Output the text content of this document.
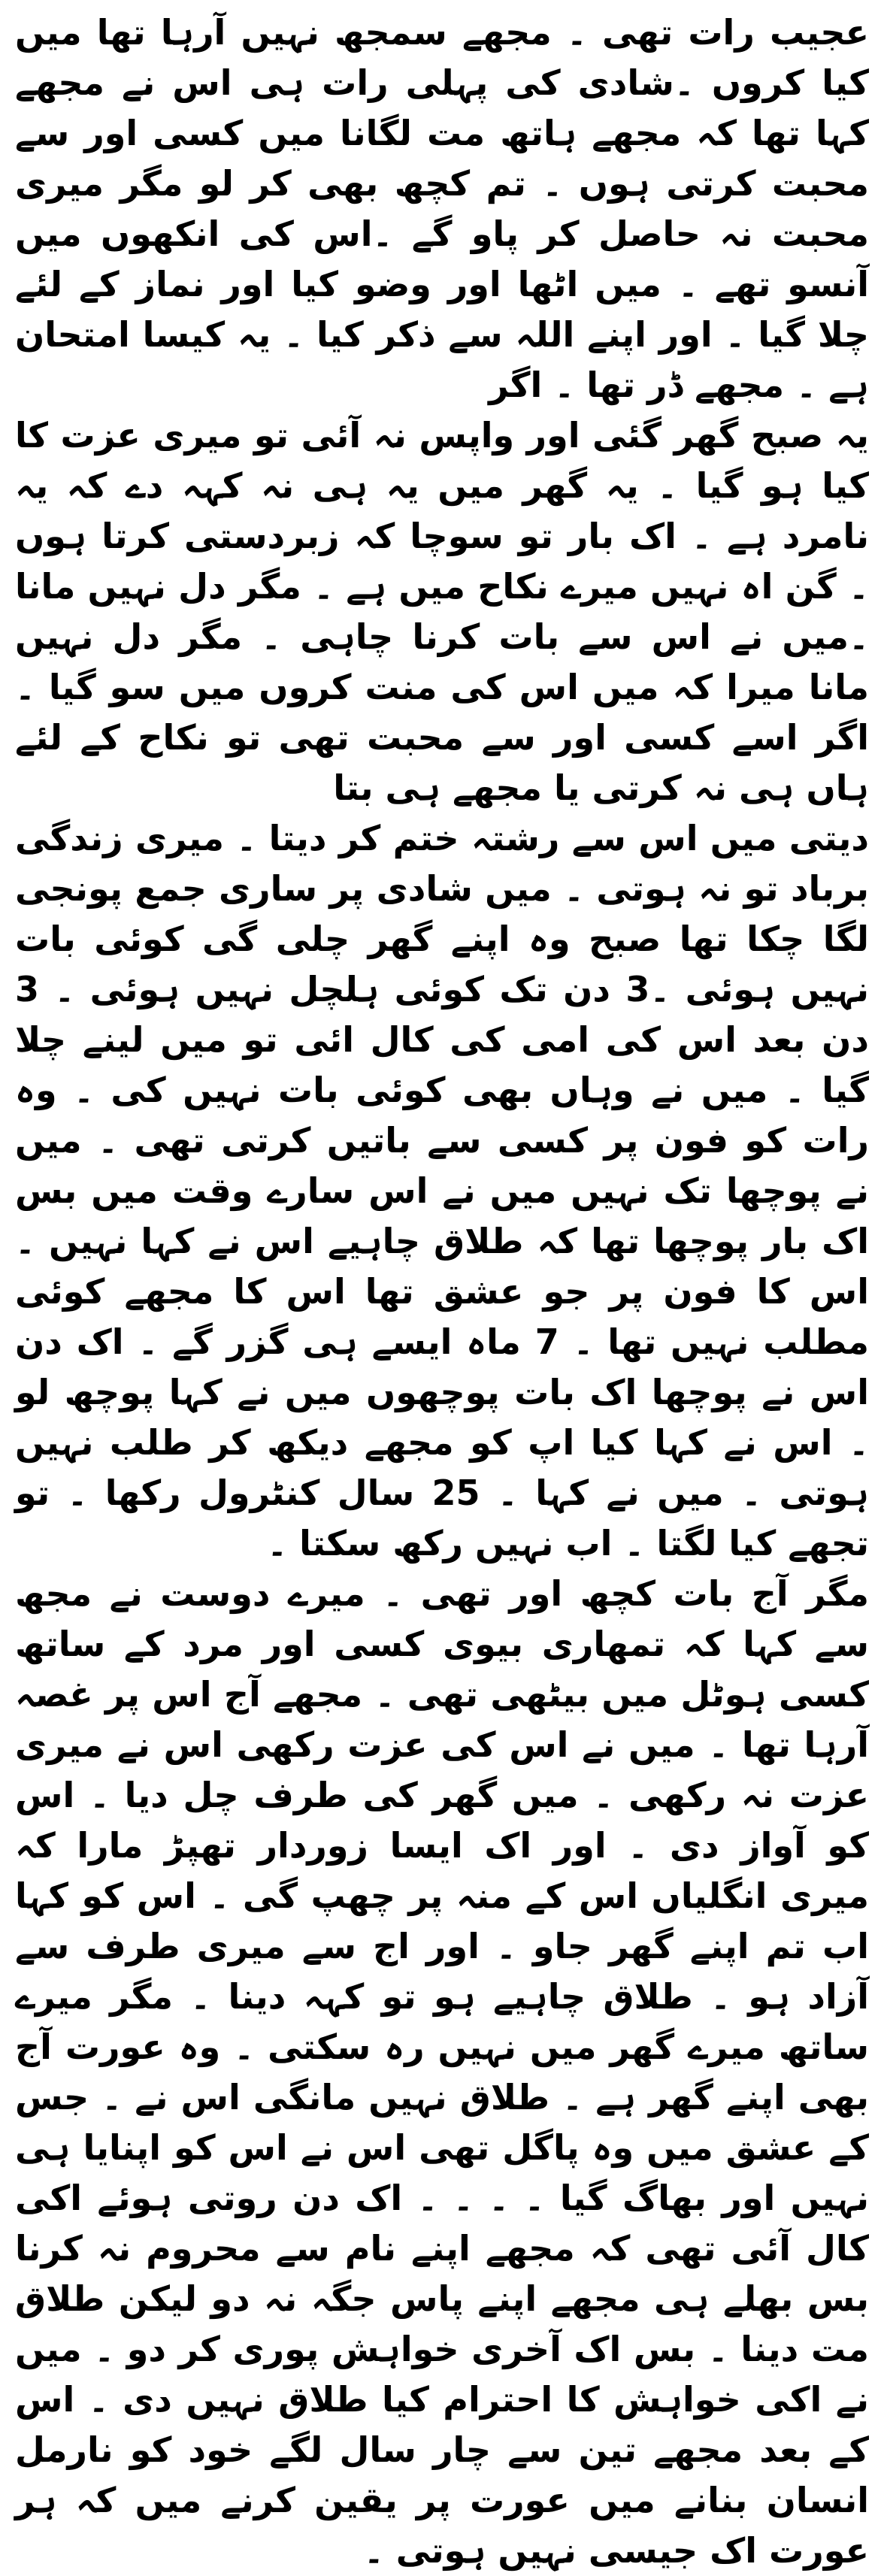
عجیب رات تھی ۔ مجھے سمجھ نہیں آرہا تھا میں کیا کروں ۔شادی کی پہلی رات ہی اس نے مجھے کہا تھا کہ مجھے ہاتھ مت لگانا میں کسی اور سے محبت کرتی ہوں ۔ تم کچھ بھی کر لو مگر میری محبت نہ حاصل کر پاو گے ۔اس کی انکھوں میں آنسو تھے ۔ میں اٹھا اور وضو کیا اور نماز کے لئے چلا گیا ۔ اور اپنے اللہ سے ذکر کیا ۔ یہ کیسا امتحان ہے ۔ مجھے ڈر تھا ۔ اگر

یہ صبح گھر گئی اور واپس نہ آئی تو میری عزت کا کیا ہو گیا ۔ یہ گھر میں یہ ہی نہ کہہ دے کہ یہ نامرد ہے ۔ اک بار تو سوچا کہ زبردستی کرتا ہوں ۔ گن اہ نہیں میرے نکاح میں ہے ۔ مگر دل نہیں مانا ۔میں نے اس سے بات کرنا چاہی ۔ مگر دل نہیں مانا میرا کہ میں اس کی منت کروں میں سو گیا ۔ اگر اسے کسی اور سے محبت تھی تو نکاح کے لئے ہاں ہی نہ کرتی یا مجھے ہی بتا

دیتی میں اس سے رشتہ ختم کر دیتا ۔ میری زندگی برباد تو نہ ہوتی ۔ میں شادی پر ساری جمع پونجی لگا چکا تھا صبح وہ اپنے گھر چلی گی کوئی بات نہیں ہوئی ۔3 دن تک کوئی ہلچل نہیں ہوئی ۔ 3 دن بعد اس کی امی کی کال ائی تو میں لینے چلا گیا ۔ میں نے وہاں بھی کوئی بات نہیں کی ۔ وہ رات کو فون پر کسی سے باتیں کرتی تھی ۔ میں نے پوچھا تک نہیں میں نے اس سارے وقت میں بس اک بار پوچھا تھا کہ طلاق چاہیے اس نے کہا نہیں ۔ اس کا فون پر جو عشق تھا اس کا مجھے کوئی مطلب نہیں تھا ۔ 7 ماہ ایسے ہی گزر گے ۔ اک دن اس نے پوچھا اک بات پوچھوں میں نے کہا پوچھ لو ۔ اس نے کہا کیا اپ کو مجھے دیکھ کر طلب نہیں ہوتی ۔ میں نے کہا ۔ 25 سال کنٹرول رکھا ۔ تو تجھے کیا لگتا ۔ اب نہیں رکھ سکتا ۔

مگر آج بات کچھ اور تھی ۔ میرے دوست نے مجھ سے کہا کہ تمھاری بیوی کسی اور مرد کے ساتھ کسی ہوٹل میں بیٹھی تھی ۔ مجھے آج اس پر غصہ آرہا تھا ۔ میں نے اس کی عزت رکھی اس نے میری عزت نہ رکھی ۔ میں گھر کی طرف چل دیا ۔ اس کو آواز دی ۔ اور اک ایسا زوردار تھپڑ مارا کہ میری انگلیاں اس کے منہ پر چھپ گی ۔ اس کو کہا اب تم اپنے گھر جاو ۔ اور اج سے میری طرف سے آزاد ہو ۔ طلاق چاہیے ہو تو کہہ دینا ۔ مگر میرے ساتھ میرے گھر میں نہیں رہ سکتی ۔ وہ عورت آج بھی اپنے گھر ہے ۔ طلاق نہیں مانگی اس نے ۔ جس کے عشق میں وہ پاگل تھی اس نے اس کو اپنایا ہی نہیں اور بھاگ گیا ۔ ۔ ۔ ۔ اک دن روتی ہوئے اکی کال آئی تھی کہ مجھے اپنے نام سے محروم نہ کرنا بس بھلے ہی مجھے اپنے پاس جگہ نہ دو لیکن طلاق مت دینا ۔ بس اک آخری خواہش پوری کر دو ۔ میں نے اکی خواہش کا احترام کیا طلاق نہیں دی ۔ اس کے بعد مجھے تین سے چار سال لگے خود کو نارمل انسان بنانے میں عورت پر یقین کرنے میں کہ ہر عورت اک جیسی نہیں ہوتی ۔
